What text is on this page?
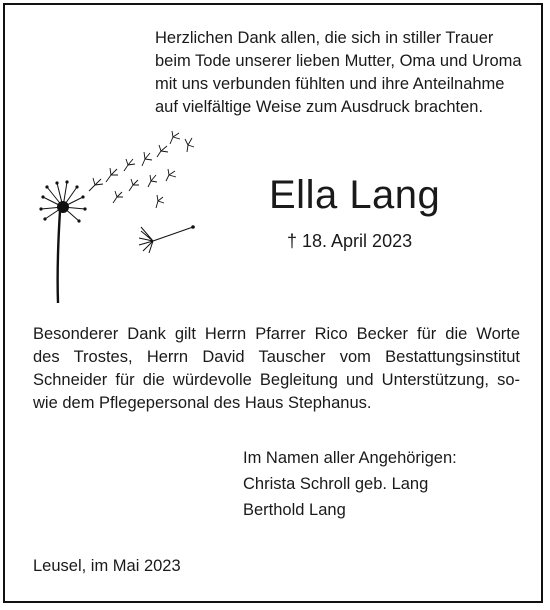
Herzlichen Dank allen, die sich in stiller Trauer
beim Tode unserer lieben Mutter, Oma und Uroma
mit uns verbunden fühlten und ihre Anteilnahme
auf vielfältige Weise zum Ausdruck brachten.
Ella Lang
† 18. April 2023
Besonderer Dank gilt Herrn Pfarrer Rico Becker für die Worte
des Trostes, Herrn David Tauscher vom Bestattungsinstitut
Schneider für die würdevolle Begleitung und Unterstützung, so-
wie dem Pflegepersonal des Haus Stephanus.
Im Namen aller Angehörigen:
Christa Schroll geb. Lang
Berthold Lang
Leusel, im Mai 2023
